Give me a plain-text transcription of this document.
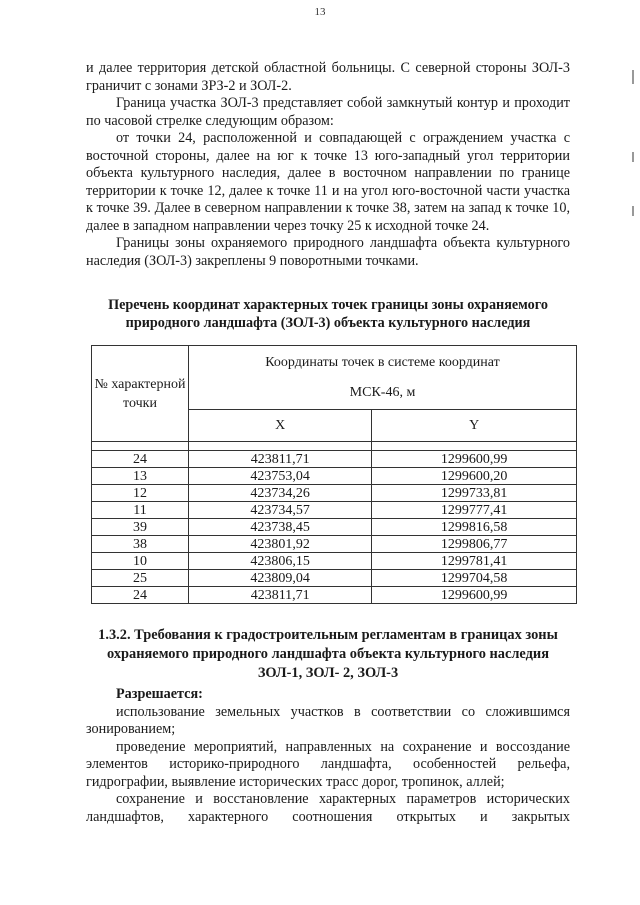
13

и далее территория детской областной больницы. С северной стороны ЗОЛ-3 граничит с зонами ЗРЗ-2 и ЗОЛ-2.

Граница участка ЗОЛ-3 представляет собой замкнутый контур и проходит по часовой стрелке следующим образом:

от точки 24, расположенной и совпадающей с ограждением участка с восточной стороны, далее на юг к точке 13 юго-западный угол территории объекта культурного наследия, далее в восточном направлении по границе территории к точке 12, далее к точке 11 и на угол юго-восточной части участка к точке 39. Далее в северном направлении к точке 38, затем на запад к точке 10, далее в западном направлении через точку 25 к исходной точке 24.

Границы зоны охраняемого природного ландшафта объекта культурного наследия (ЗОЛ-3) закреплены 9 поворотными точками.

Перечень координат характерных точек границы зоны охраняемого природного ландшафта (ЗОЛ-3) объекта культурного наследия
№ характерной точки	Координаты точек в системе координат
МСК-46, м	

	X	Y

24	423811,71	1299600,99
13	423753,04	1299600,20
12	423734,26	1299733,81
11	423734,57	1299777,41
39	423738,45	1299816,58
38	423801,92	1299806,77
10	423806,15	1299781,41
25	423809,04	1299704,58
24	423811,71	1299600,99
1.3.2. Требования к градостроительным регламентам в границах зоны
охраняемого природного ландшафта объекта культурного наследия
ЗОЛ-1, ЗОЛ- 2, ЗОЛ-3
Разрешается:

использование земельных участков в соответствии со сложившимся зонированием;

проведение мероприятий, направленных на сохранение и воссоздание элементов историко-природного ландшафта, особенностей рельефа, гидрографии, выявление исторических трасс дорог, тропинок, аллей;

сохранение и восстановление характерных параметров исторических ландшафтов, характерного соотношения открытых и закрытых
